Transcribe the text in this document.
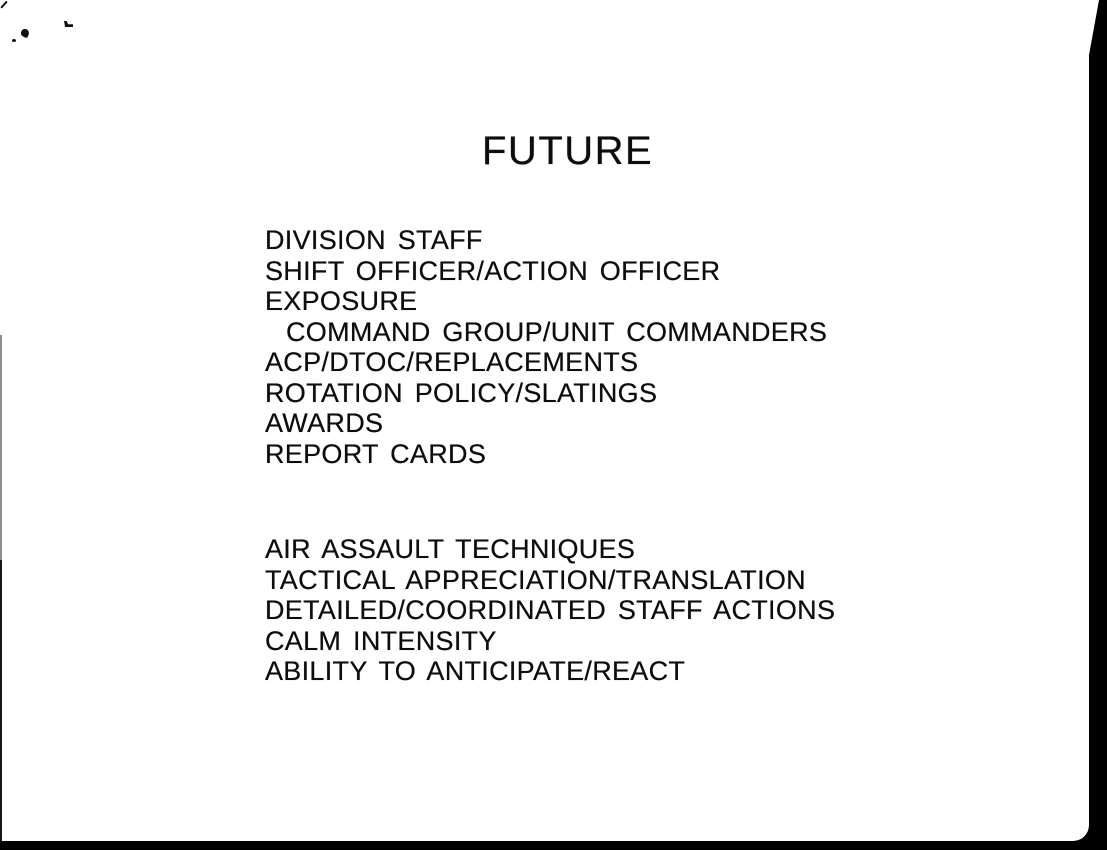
FUTURE
DIVISION STAFF
SHIFT OFFICER/ACTION OFFICER
EXPOSURE
COMMAND GROUP/UNIT COMMANDERS
ACP/DTOC/REPLACEMENTS
ROTATION POLICY/SLATINGS
AWARDS
REPORT CARDS
AIR ASSAULT TECHNIQUES
TACTICAL APPRECIATION/TRANSLATION
DETAILED/COORDINATED STAFF ACTIONS
CALM INTENSITY
ABILITY TO ANTICIPATE/REACT
